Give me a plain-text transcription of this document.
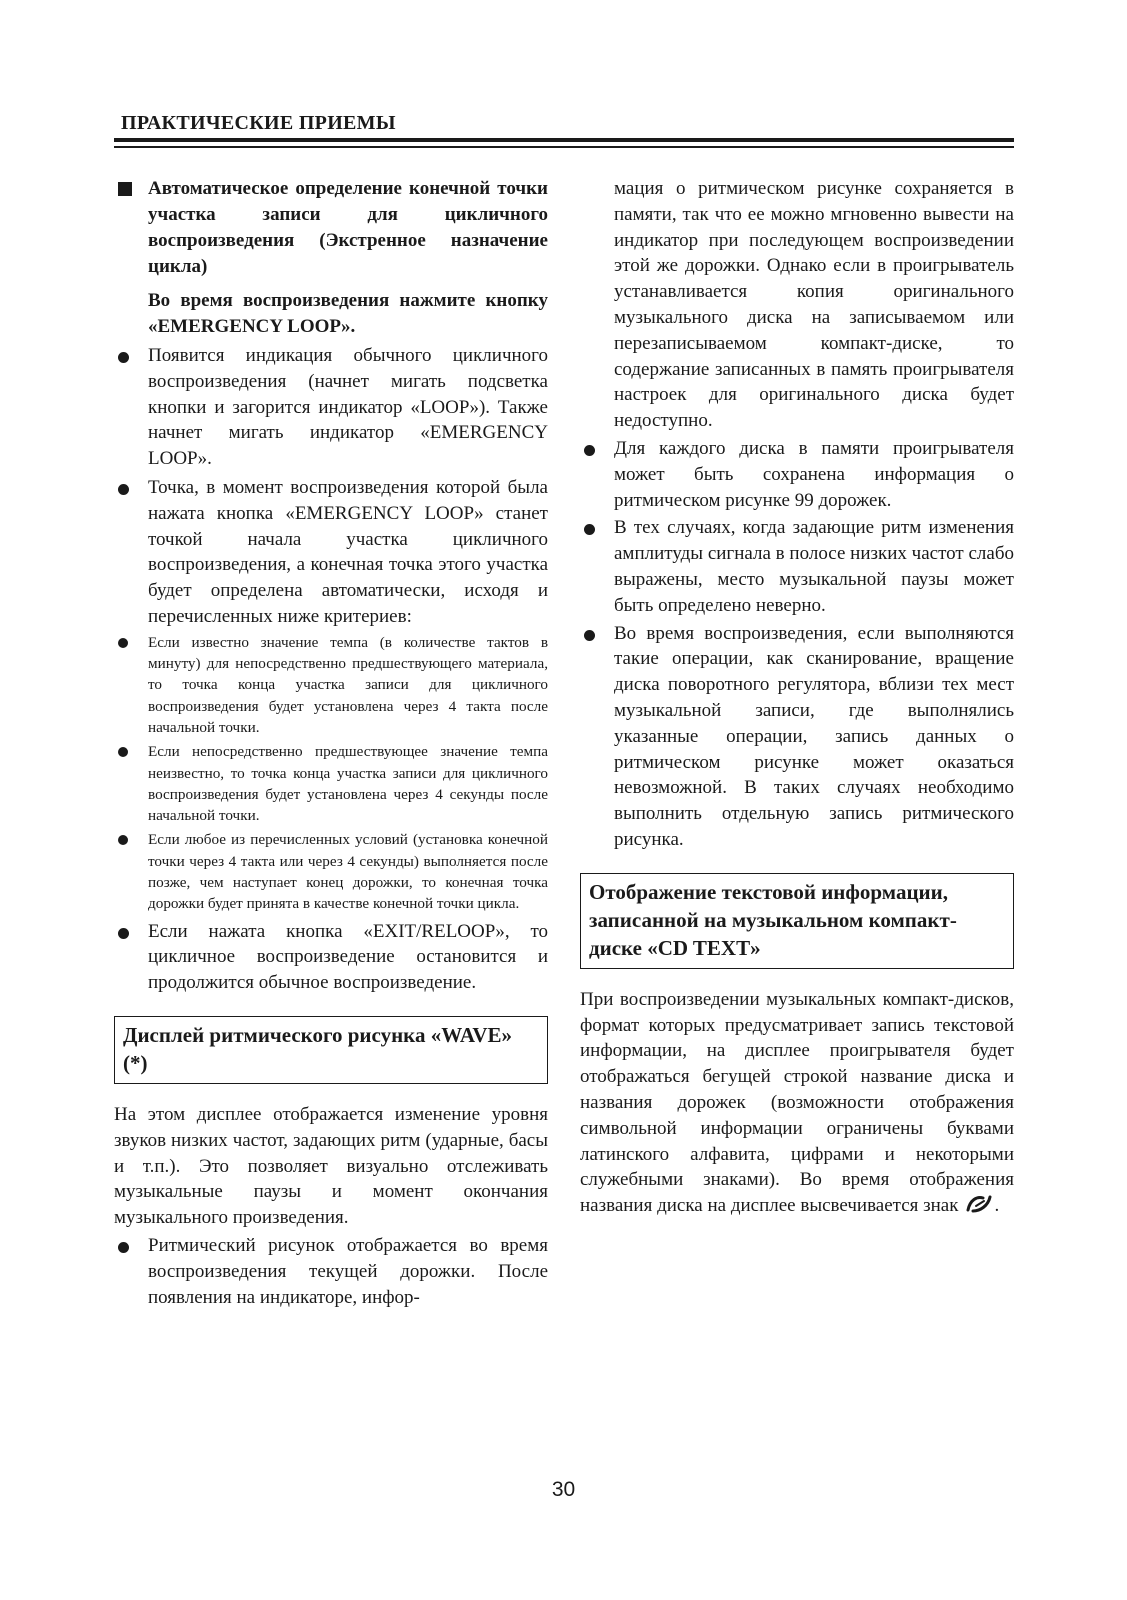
ПРАКТИЧЕСКИЕ ПРИЕМЫ

Автоматическое определение конечной точки участка записи для цикличного воспроизведения (Экстренное назначение цикла)

Во время воспроизведения нажмите кнопку «EMERGENCY LOOP».

Появится индикация обычного цикличного воспроизведения (начнет мигать подсветка кнопки и загорится индикатор «LOOP»). Также начнет мигать индикатор «EMERGENCY LOOP».
Точка, в момент воспроизведения которой была нажата кнопка «EMERGENCY LOOP» станет точкой начала участка цикличного воспроизведения, а конечная точка этого участка будет определена автоматически, исходя и перечисленных ниже критериев:
Если известно значение темпа (в количестве тактов в минуту) для непосредственно предшествующего материала, то точка конца участка записи для цикличного воспроизведения будет установлена через 4 такта после начальной точки.
Если непосредственно предшествующее значение темпа неизвестно, то точка конца участка записи для цикличного воспроизведения будет установлена через 4 секунды после начальной точки.
Если любое из перечисленных условий (установка конечной точки через 4 такта или через 4 секунды) выполняется после позже, чем наступает конец дорожки, то конечная точка дорожки будет принята в качестве конечной точки цикла.
Если нажата кнопка «EXIT/RELOOP», то цикличное воспроизведение остановится и продолжится обычное воспроизведение.
Дисплей ритмического рисунка «WAVE» (*)

На этом дисплее отображается изменение уровня звуков низких частот, задающих ритм (ударные, басы и т.п.). Это позволяет визуально отслеживать музыкальные паузы и момент окончания музыкального произведения.

Ритмический рисунок отображается во время воспроизведения текущей дорожки. После появления на индикаторе, инфор-

мация о ритмическом рисунке сохраняется в памяти, так что ее можно мгновенно вывести на индикатор при последующем воспроизведении этой же дорожки. Однако если в проигрыватель устанавливается копия оригинального музыкального диска на записываемом или перезаписываемом компакт-диске, то содержание записанных в память проигрывателя настроек для оригинального диска будет недоступно.

Для каждого диска в памяти проигрывателя может быть сохранена информация о ритмическом рисунке 99 дорожек.
В тех случаях, когда задающие ритм изменения амплитуды сигнала в полосе низких частот слабо выражены, место музыкальной паузы может быть определено неверно.
Во время воспроизведения, если выполняются такие операции, как сканирование, вращение диска поворотного регулятора, вблизи тех мест музыкальной записи, где выполнялись указанные операции, запись данных о ритмическом рисунке может оказаться невозможной. В таких случаях необходимо выполнить отдельную запись ритмического рисунка.
Отображение текстовой информации, записанной на музыкальном компакт-диске «CD TEXT»

При воспроизведении музыкальных компакт-дисков, формат которых предусматривает запись текстовой информации, на дисплее проигрывателя будет отображаться бегущей строкой название диска и названия дорожек (возможности отображения символьной информации ограничены буквами латинского алфавита, цифрами и некоторыми служебными знаками). Во время отображения названия диска на дисплее высвечивается знак .

30
